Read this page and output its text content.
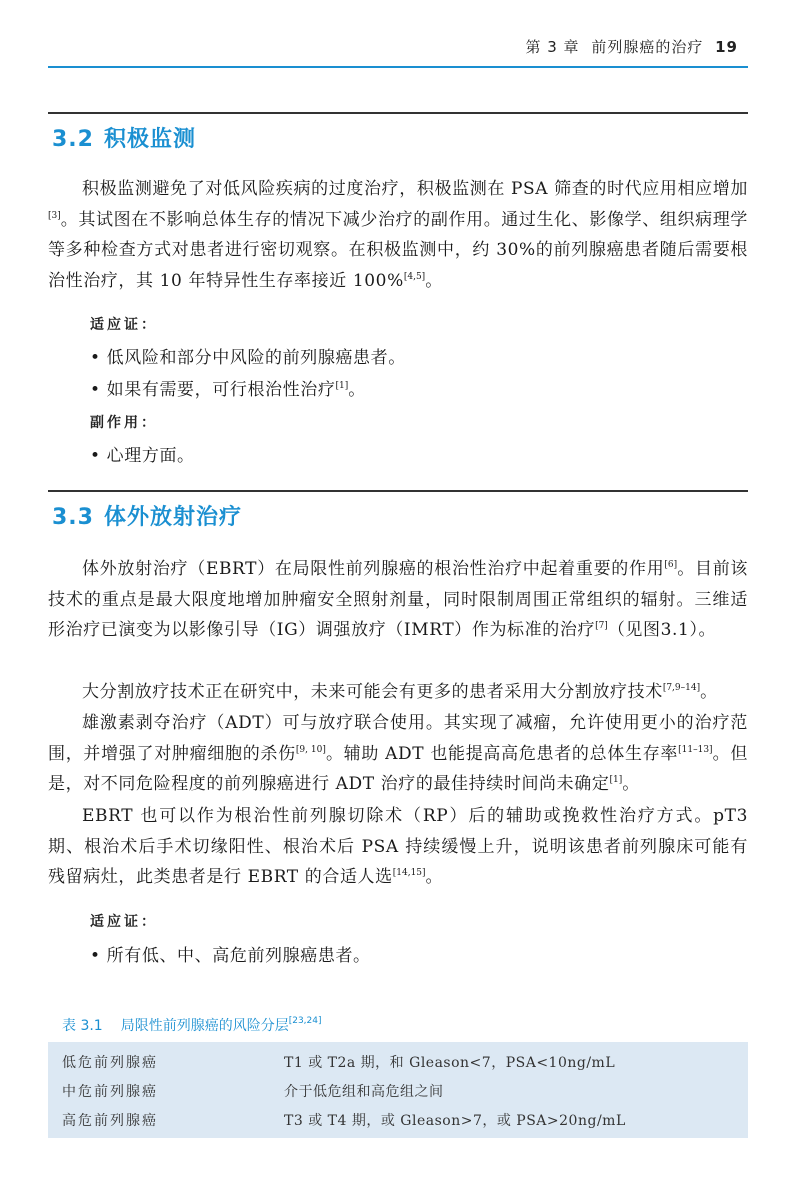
第 3 章 前列腺癌的治疗 19
3.2 积极监测

积极监测避免了对低风险疾病的过度治疗，积极监测在 PSA 筛查的时代应用相应增加[3]。其试图在不影响总体生存的情况下减少治疗的副作用。通过生化、影像学、组织病理学等多种检查方式对患者进行密切观察。在积极监测中，约 30%的前列腺癌患者随后需要根治性治疗，其 10 年特异性生存率接近 100%[4,5]。

适应证：
• 低风险和部分中风险的前列腺癌患者。
• 如果有需要，可行根治性治疗[1]。
副作用：
• 心理方面。
3.3 体外放射治疗

体外放射治疗（EBRT）在局限性前列腺癌的根治性治疗中起着重要的作用[6]。目前该技术的重点是最大限度地增加肿瘤安全照射剂量，同时限制周围正常组织的辐射。三维适形治疗已演变为以影像引导（IG）调强放疗（IMRT）作为标准的治疗[7]（见图3.1）。

大分割放疗技术正在研究中，未来可能会有更多的患者采用大分割放疗技术[7,9–14]。

雄激素剥夺治疗（ADT）可与放疗联合使用。其实现了减瘤，允许使用更小的治疗范围，并增强了对肿瘤细胞的杀伤[9, 10]。辅助 ADT 也能提高高危患者的总体生存率[11–13]。但是，对不同危险程度的前列腺癌进行 ADT 治疗的最佳持续时间尚未确定[1]。

EBRT 也可以作为根治性前列腺切除术（RP）后的辅助或挽救性治疗方式。pT3 期、根治术后手术切缘阳性、根治术后 PSA 持续缓慢上升，说明该患者前列腺床可能有残留病灶，此类患者是行 EBRT 的合适人选[14,15]。

适应证：
• 所有低、中、高危前列腺癌患者。
表 3.1 局限性前列腺癌的风险分层[23,24]
低危前列腺癌	T1 或 T2a 期，和 Gleason<7，PSA<10ng/mL
中危前列腺癌	介于低危组和高危组之间
高危前列腺癌	T3 或 T4 期，或 Gleason>7，或 PSA>20ng/mL
